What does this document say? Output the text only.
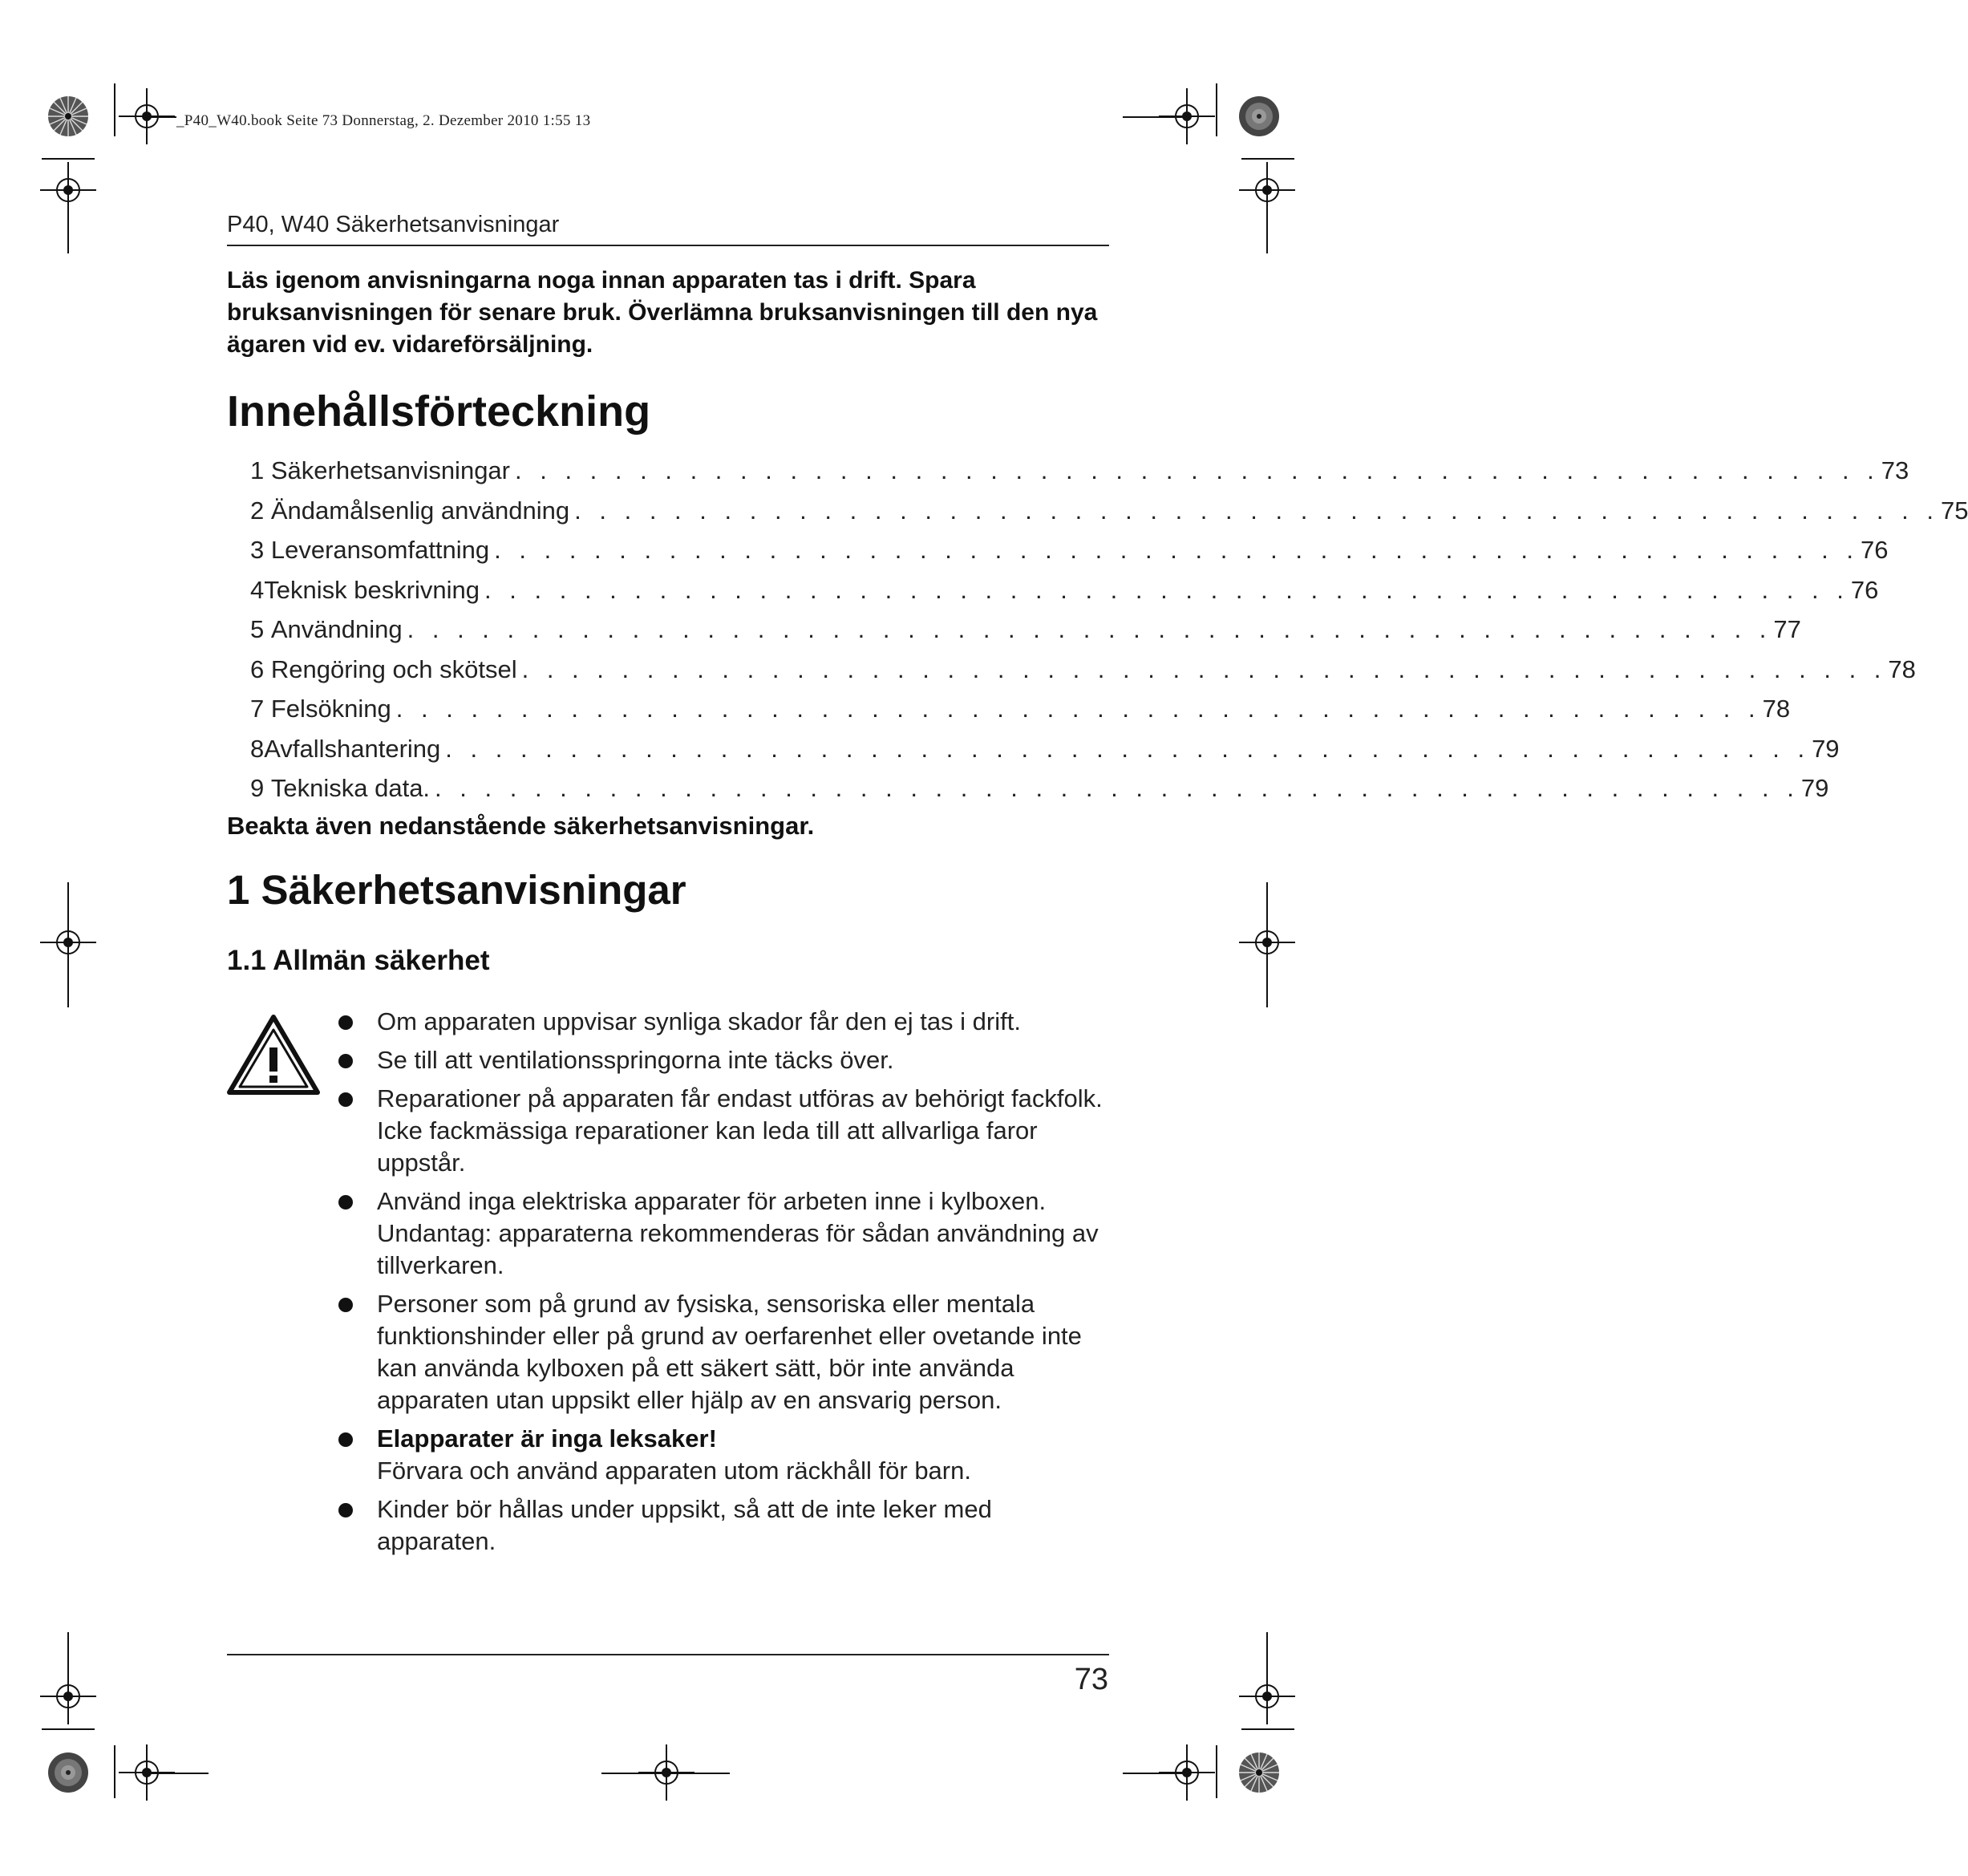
_P40_W40.book Seite 73 Donnerstag, 2. Dezember 2010 1:55 13
P40, W40 Säkerhetsanvisningar
Läs igenom anvisningarna noga innan apparaten tas i drift. Spara bruksanvisningen för senare bruk. Överlämna bruksanvisningen till den nya ägaren vid ev. vidareförsäljning.
Innehållsförteckning
1
Säkerhetsanvisningar . . . . . . . . . . . . . . . . . . . . . . . . . . . . . . . . . . . . . . . . . . . . . . . . . . . . . . . 73
2
Ändamålsenlig användning . . . . . . . . . . . . . . . . . . . . . . . . . . . . . . . . . . . . . . . . . . . . . . . . . . . . . . . 75
3
Leveransomfattning . . . . . . . . . . . . . . . . . . . . . . . . . . . . . . . . . . . . . . . . . . . . . . . . . . . . . . . 76
4 Teknisk beskrivning . . . . . . . . . . . . . . . . . . . . . . . . . . . . . . . . . . . . . . . . . . . . . . . . . . . . . . . 76
5
Användning . . . . . . . . . . . . . . . . . . . . . . . . . . . . . . . . . . . . . . . . . . . . . . . . . . . . . . . 77
6
Rengöring och skötsel . . . . . . . . . . . . . . . . . . . . . . . . . . . . . . . . . . . . . . . . . . . . . . . . . . . . . . . 78
7
Felsökning . . . . . . . . . . . . . . . . . . . . . . . . . . . . . . . . . . . . . . . . . . . . . . . . . . . . . . . 78
8 Avfallshantering . . . . . . . . . . . . . . . . . . . . . . . . . . . . . . . . . . . . . . . . . . . . . . . . . . . . . . . 79
9
Tekniska data. . . . . . . . . . . . . . . . . . . . . . . . . . . . . . . . . . . . . . . . . . . . . . . . . . . . . . . . 79
Beakta även nedanstående säkerhetsanvisningar.
1 Säkerhetsanvisningar
1.1 Allmän säkerhet
Om apparaten uppvisar synliga skador får den ej tas i drift.
Se till att ventilationsspringorna inte täcks över.
Reparationer på apparaten får endast utföras av behörigt fackfolk. Icke fackmässiga reparationer kan leda till att allvarliga faror uppstår.
Använd inga elektriska apparater för arbeten inne i kylboxen. Undantag: apparaterna rekommenderas för sådan användning av tillverkaren.
Personer som på grund av fysiska, sensoriska eller mentala funktionshinder eller på grund av oerfarenhet eller ovetande inte kan använda kylboxen på ett säkert sätt, bör inte använda apparaten utan uppsikt eller hjälp av en ansvarig person.
Elapparater är inga leksaker!
Förvara och använd apparaten utom räckhåll för barn.
Kinder bör hållas under uppsikt, så att de inte leker med apparaten.
73
